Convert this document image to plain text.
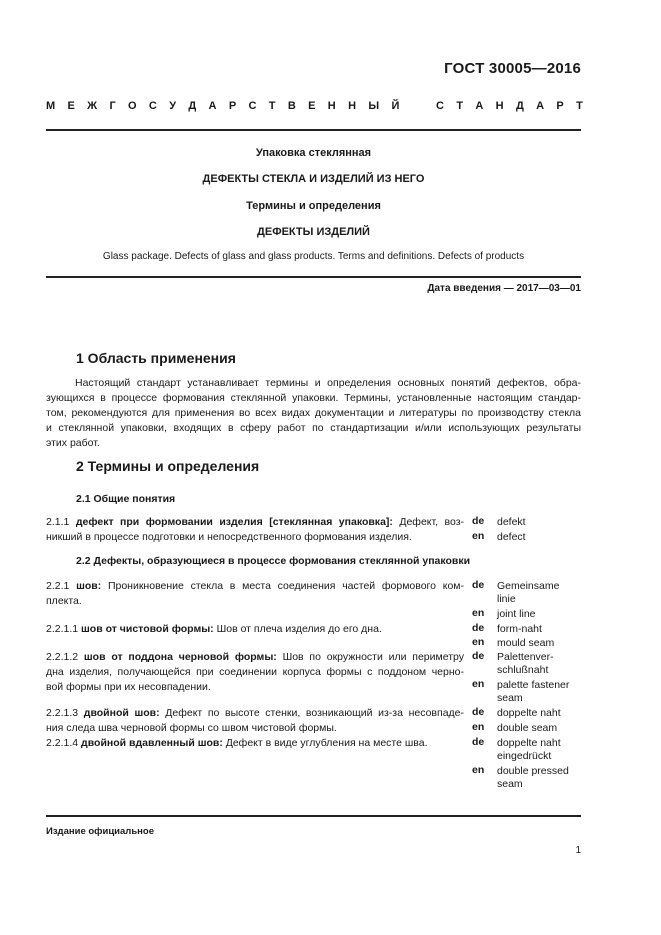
ГОСТ 30005—2016
М Е Ж Г О С У Д А Р С Т В Е Н Н Ы Й	С Т А Н Д А Р Т
Упаковка стеклянная
ДЕФЕКТЫ СТЕКЛА И ИЗДЕЛИЙ ИЗ НЕГО
Термины и определения
ДЕФЕКТЫ ИЗДЕЛИЙ
Glass package. Defects of glass and glass products. Terms and definitions. Defects of products
Дата введения — 2017—03—01
1 Область применения
Настоящий стандарт устанавливает термины и определения основных понятий дефектов, обра-
зующихся в процессе формования стеклянной упаковки. Термины, установленные настоящим стандар-
том, рекомендуются для применения во всех видах документации и литературы по производству стекла
и стеклянной упаковки, входящих в сферу работ по стандартизации и/или использующих результаты
этих работ.
2 Термины и определения
2.1 Общие понятия
2.1.1 дефект при формовании изделия [стеклянная упаковка]: Дефект, воз-
никший в процессе подготовки и непосредственного формования изделия.
de	defekt
en	defect
2.2 Дефекты, образующиеся в процессе формования стеклянной упаковки
2.2.1 шов: Проникновение стекла в места соединения частей формового ком-
плекта.
de	Gemeinsame
linie
en	joint line
2.2.1.1 шов от чистовой формы: Шов от плеча изделия до его дна.	de	form-naht
en	mould seam
2.2.1.2 шов от поддона черновой формы: Шов по окружности или периметру
дна изделия, получающейся при соединении корпуса формы с поддоном черно-
вой формы при их несовпадении.
de	Palettenver-
schlußnaht
en	palette fastener
seam
2.2.1.3 двойной шов: Дефект по высоте стенки, возникающий из-за несовпаде-
ния следа шва черновой формы со швом чистовой формы.
de	doppelte naht
en	double seam
2.2.1.4 двойной вдавленный шов: Дефект в виде углубления на месте шва.	de	doppelte naht
eingedrückt
en	double pressed
seam
Издание официальное
1
